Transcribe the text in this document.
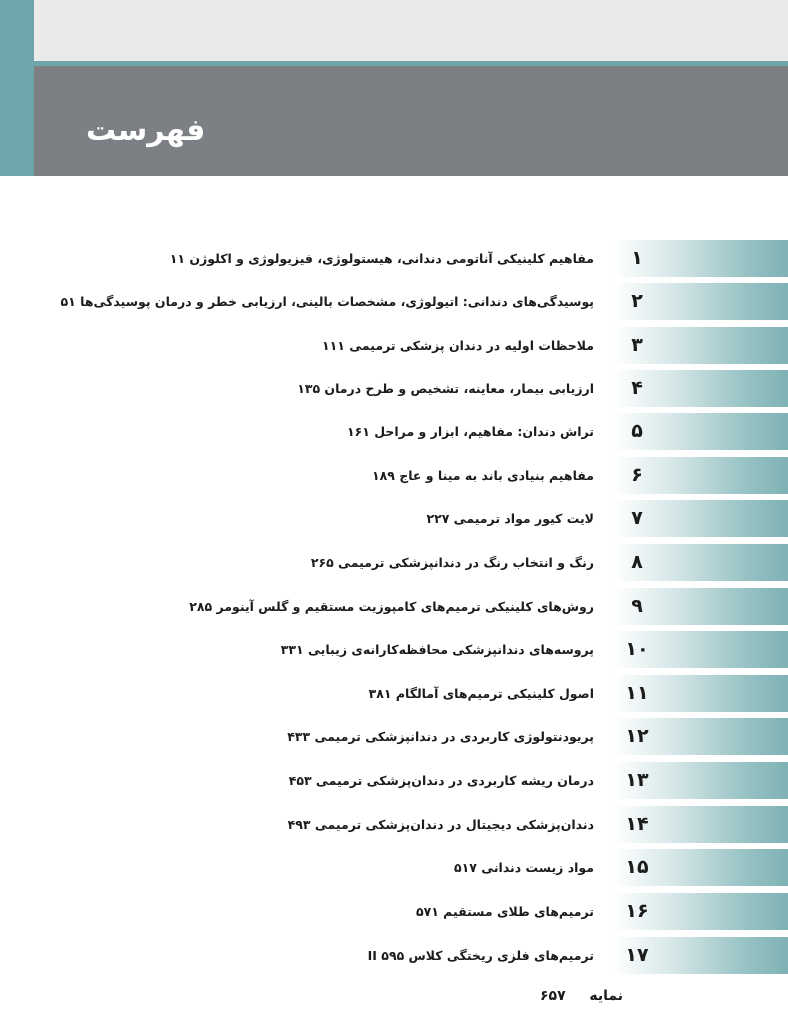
فهرست
۱
مفاهیم کلینیکی آناتومی دندانی، هیستولوژی، فیزیولوژی و اکلوژن ۱۱
۲
پوسیدگی‌های دندانی: اتیولوژی، مشخصات بالینی، ارزیابی خطر و درمان پوسیدگی‌ها ۵۱
۳
ملاحظات اولیه در دندان پزشکی ترمیمی ۱۱۱
۴
ارزیابی بیمار، معاینه، تشخیص و طرح درمان ۱۳۵
۵
تراش دندان: مفاهیم، ابزار و مراحل ۱۶۱
۶
مفاهیم بنیادی باند به مینا و عاج ۱۸۹
۷
لایت کیور مواد ترمیمی ۲۲۷
۸
رنگ و انتخاب رنگ در دندانپزشکی ترمیمی ۲۶۵
۹
روش‌های کلینیکی ترمیم‌های کامپوزیت مستقیم و گلس آینومر ۲۸۵
۱۰
پروسه‌های دندانپزشکی محافظه‌کارانه‌ی زیبایی ۳۳۱
۱۱
اصول کلینیکی ترمیم‌های آمالگام ۳۸۱
۱۲
پریودنتولوژی کاربردی در دندانپزشکی ترمیمی ۴۳۳
۱۳
درمان ریشه کاربردی در دندان‌پزشکی ترمیمی ۴۵۳
۱۴
دندان‌پزشکی دیجیتال در دندان‌پزشکی ترمیمی ۴۹۳
۱۵
مواد زیست دندانی ۵۱۷
۱۶
ترمیم‌های طلای مستقیم ۵۷۱
۱۷
ترمیم‌های فلزی ریختگی کلاس II ۵۹۵
نمایه  ۶۵۷
